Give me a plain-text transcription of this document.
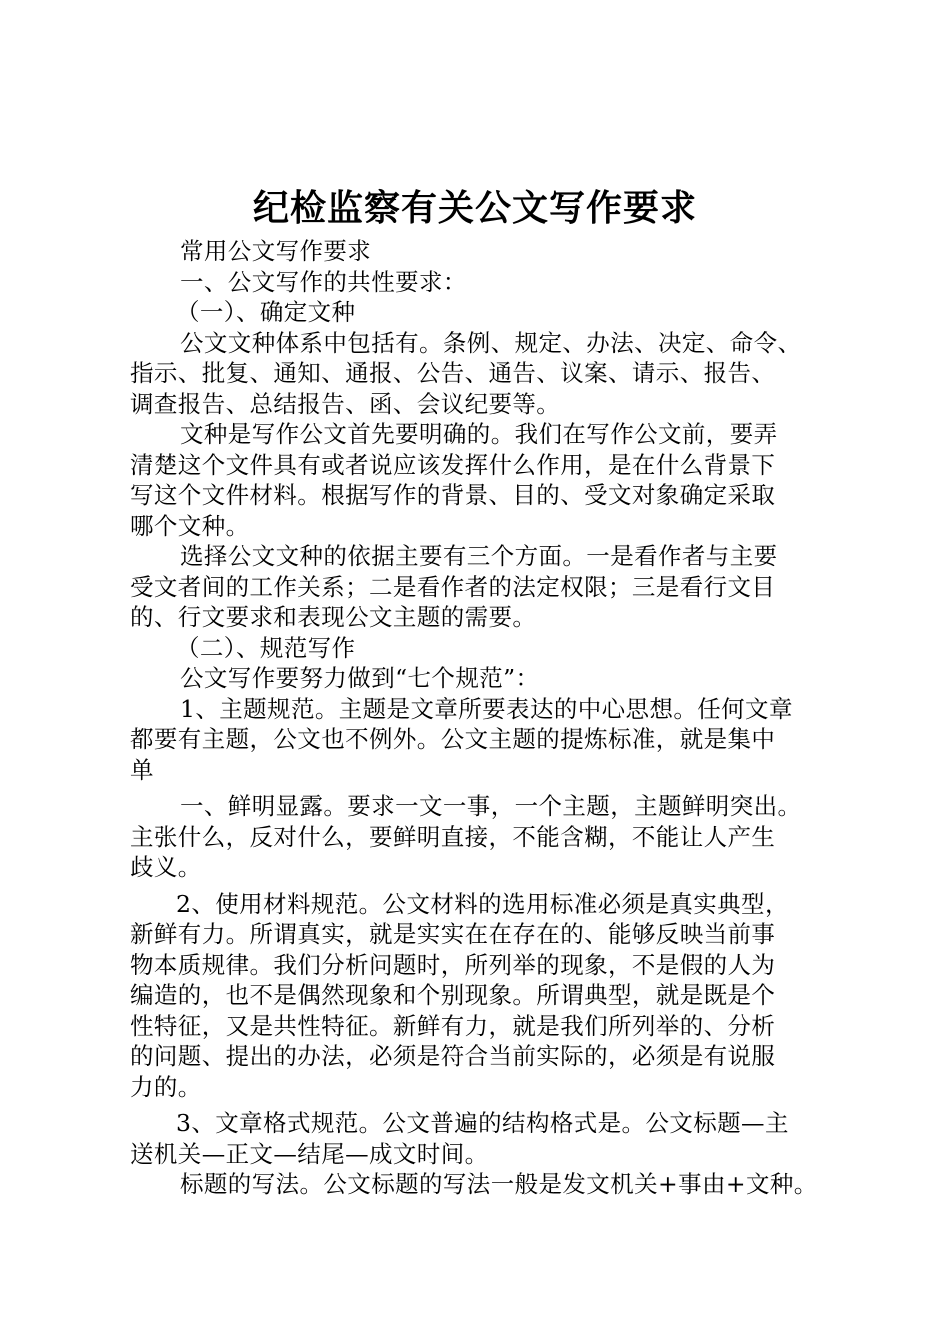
纪检监察有关公文写作要求
常用公文写作要求
一、公文写作的共性要求：
（一）、确定文种
公文文种体系中包括有。条例、规定、办法、决定、命令、
指示、批复、通知、通报、公告、通告、议案、请示、报告、
调查报告、总结报告、函、会议纪要等。
文种是写作公文首先要明确的。我们在写作公文前，要弄
清楚这个文件具有或者说应该发挥什么作用，是在什么背景下
写这个文件材料。根据写作的背景、目的、受文对象确定采取
哪个文种。
选择公文文种的依据主要有三个方面。一是看作者与主要
受文者间的工作关系；二是看作者的法定权限；三是看行文目
的、行文要求和表现公文主题的需要。
（二）、规范写作
公文写作要努力做到“七个规范”：
1、主题规范。主题是文章所要表达的中心思想。任何文章
都要有主题，公文也不例外。公文主题的提炼标准，就是集中
单
一、鲜明显露。要求一文一事，一个主题，主题鲜明突出。
主张什么，反对什么，要鲜明直接，不能含糊，不能让人产生
歧义。
2、使用材料规范。公文材料的选用标准必须是真实典型，
新鲜有力。所谓真实，就是实实在在存在的、能够反映当前事
物本质规律。我们分析问题时，所列举的现象，不是假的人为
编造的，也不是偶然现象和个别现象。所谓典型，就是既是个
性特征，又是共性特征。新鲜有力，就是我们所列举的、分析
的问题、提出的办法，必须是符合当前实际的，必须是有说服
力的。
3、文章格式规范。公文普遍的结构格式是。公文标题—主
送机关—正文—结尾—成文时间。
标题的写法。公文标题的写法一般是发文机关+事由+文种。
